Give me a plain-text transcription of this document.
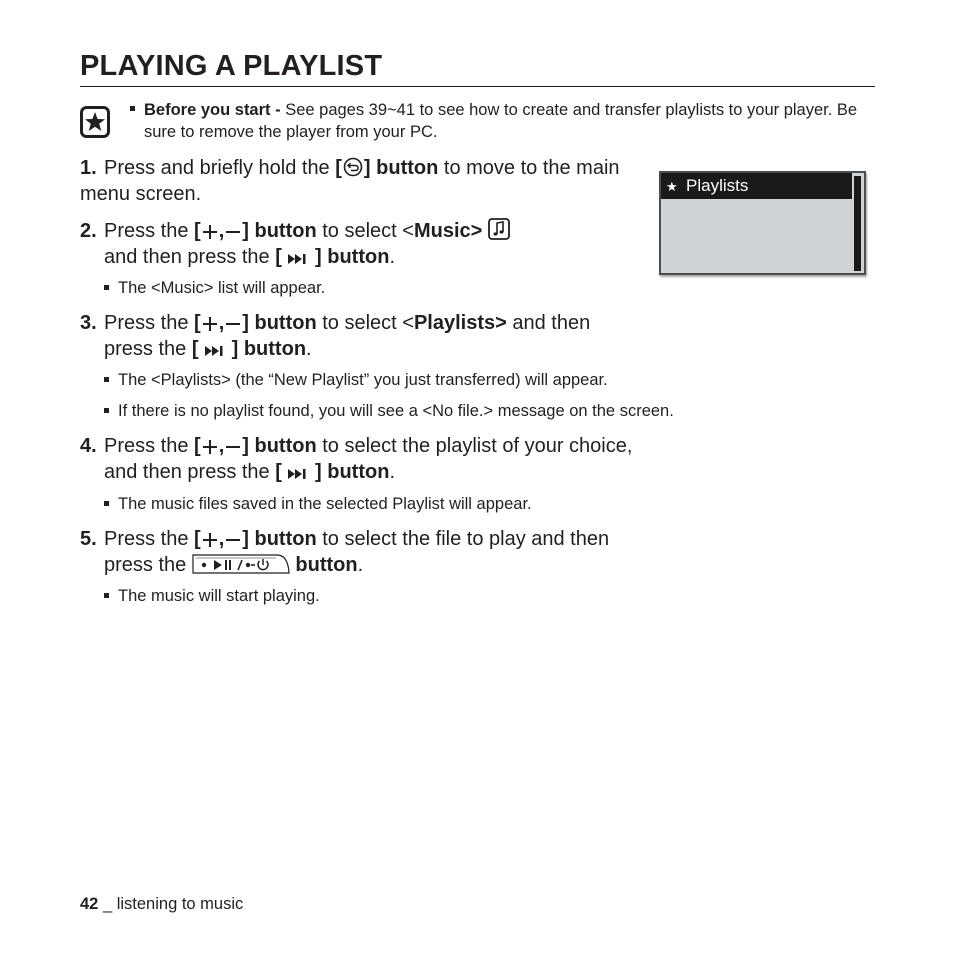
PLAYING A PLAYLIST
Before you start - See pages 39~41 to see how to create and transfer playlists to your player. Be sure to remove the player from your PC.
1. Press and briefly hold the [ ] button to move to the main menu screen.
2. Press the [ , ] button to select <Music>
and then press the [ ] button.
The <Music> list will appear.
3. Press the [ , ] button to select <Playlists> and then
press the [ ] button.
The <Playlists> (the “New Playlist” you just transferred) will appear.
If there is no playlist found, you will see a <No file.> message on the screen.
4. Press the [ , ] button to select the playlist of your choice,
and then press the [ ] button.
The music files saved in the selected Playlist will appear.
5. Press the [ , ] button to select the file to play and then
press the	button.
The music will start playing.
★ Playlists
42 _ listening to music
